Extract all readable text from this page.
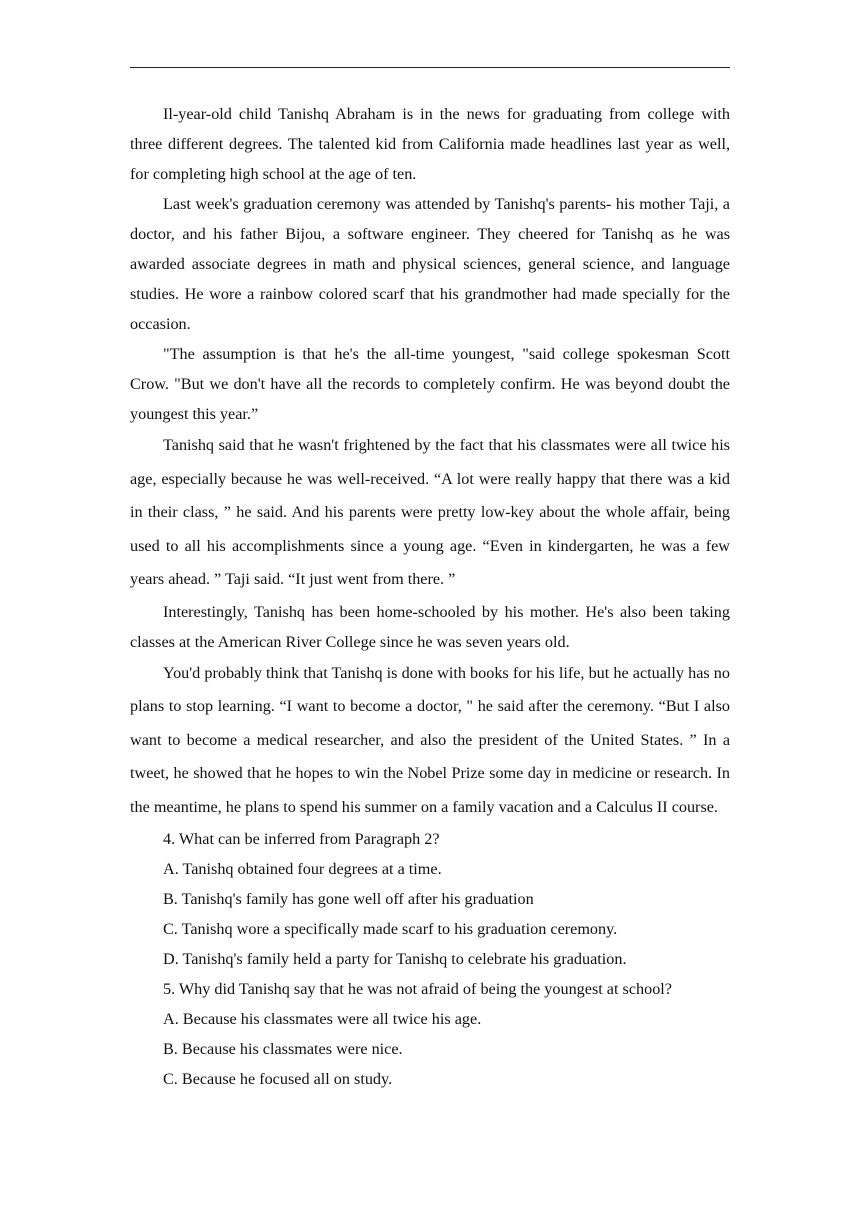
Il-year-old child Tanishq Abraham is in the news for graduating from college with three different degrees. The talented kid from California made headlines last year as well, for completing high school at the age of ten.

Last week's graduation ceremony was attended by Tanishq's parents- his mother Taji, a doctor, and his father Bijou, a software engineer. They cheered for Tanishq as he was awarded associate degrees in math and physical sciences, general science, and language studies. He wore a rainbow colored scarf that his grandmother had made specially for the occasion.

"The assumption is that he's the all-time youngest, "said college spokesman Scott Crow. "But we don't have all the records to completely confirm. He was beyond doubt the youngest this year.”

Tanishq said that he wasn't frightened by the fact that his classmates were all twice his age, especially because he was well-received. “A lot were really happy that there was a kid in their class, ” he said. And his parents were pretty low-key about the whole affair, being used to all his accomplishments since a young age. “Even in kindergarten, he was a few years ahead. ” Taji said. “It just went from there. ”

Interestingly, Tanishq has been home-schooled by his mother. He's also been taking classes at the American River College since he was seven years old.

You'd probably think that Tanishq is done with books for his life, but he actually has no plans to stop learning. “I want to become a doctor, " he said after the ceremony. “But I also want to become a medical researcher, and also the president of the United States. ” In a tweet, he showed that he hopes to win the Nobel Prize some day in medicine or research. In the meantime, he plans to spend his summer on a family vacation and a Calculus II course.

4. What can be inferred from Paragraph 2?

A. Tanishq obtained four degrees at a time.

B. Tanishq's family has gone well off after his graduation

C. Tanishq wore a specifically made scarf to his graduation ceremony.

D. Tanishq's family held a party for Tanishq to celebrate his graduation.

5. Why did Tanishq say that he was not afraid of being the youngest at school?

A. Because his classmates were all twice his age.

B. Because his classmates were nice.

C. Because he focused all on study.
